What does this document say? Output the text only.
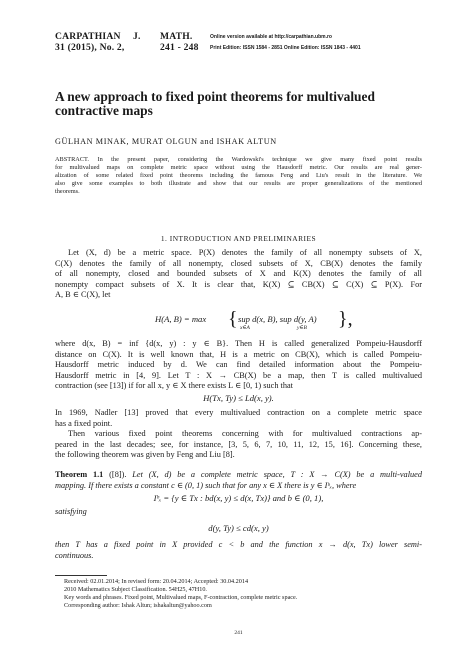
CARPATHIAN J. MATH.
31 (2015), No. 2,	241 - 248
Online version available at http://carpathian.ubm.ro
Print Edition: ISSN 1584 - 2851 Online Edition: ISSN 1843 - 4401
A new approach to fixed point theorems for multivalued
contractive maps
GÜLHAN MINAK, MURAT OLGUN and ISHAK ALTUN
ABSTRACT. In the present paper, considering the Wardowski's technique we give many fixed point results
for multivalued maps on complete metric space without using the Hausdorff metric. Our results are real gener-
alization of some related fixed point theorems including the famous Feng and Liu's result in the literature. We
also give some examples to both illustrate and show that our results are proper generalizations of the mentioned
theorems.
1. INTRODUCTION AND PRELIMINARIES
Let (X, d) be a metric space. P(X) denotes the family of all nonempty subsets of X,
C(X) denotes the family of all nonempty, closed subsets of X, CB(X) denotes the family
of all nonempty, closed and bounded subsets of X and K(X) denotes the family of all
nonempty compact subsets of X. It is clear that, K(X) ⊆ CB(X) ⊆ C(X) ⊆ P(X). For
A, B ∈ C(X), let
H(A, B) = max { sup d(x, B), sup d(y, A)
x∈A	y∈B },
where d(x, B) = inf {d(x, y) : y ∈ B}. Then H is called generalized Pompeiu-Hausdorff
distance on C(X). It is well known that, H is a metric on CB(X), which is called Pompeiu-
Hausdorff metric induced by d. We can find detailed information about the Pompeiu-
Hausdorff metric in [4, 9]. Let T : X → CB(X) be a map, then T is called multivalued
contraction (see [13]) if for all x, y ∈ X there exists L ∈ [0, 1) such that
H(Tx, Ty) ≤ Ld(x, y).
In 1969, Nadler [13] proved that every multivalued contraction on a complete metric space
has a fixed point.
Then various fixed point theorems concerning with for multivalued contractions ap-
peared in the last decades; see, for instance, [3, 5, 6, 7, 10, 11, 12, 15, 16]. Concerning these,
the following theorem was given by Feng and Liu [8].
Theorem 1.1 ([8]). Let (X, d) be a complete metric space, T : X → C(X) be a multi-valued
mapping. If there exists a constant c ∈ (0, 1) such that for any x ∈ X there is y ∈ Iᵇₓ, where
Iᵇₓ = {y ∈ Tx : bd(x, y) ≤ d(x, Tx)} and b ∈ (0, 1),
satisfying
d(y, Ty) ≤ cd(x, y)
then T has a fixed point in X provided c < b and the function x → d(x, Tx) lower semi-
continuous.
Received: 02.01.2014; In revised form: 20.04.2014; Accepted: 30.04.2014
2010 Mathematics Subject Classification. 54H25, 47H10.
Key words and phrases. Fixed point, Multivalued maps, F-contraction, complete metric space.
Corresponding author: Ishak Altun; ishakaltun@yahoo.com
241
